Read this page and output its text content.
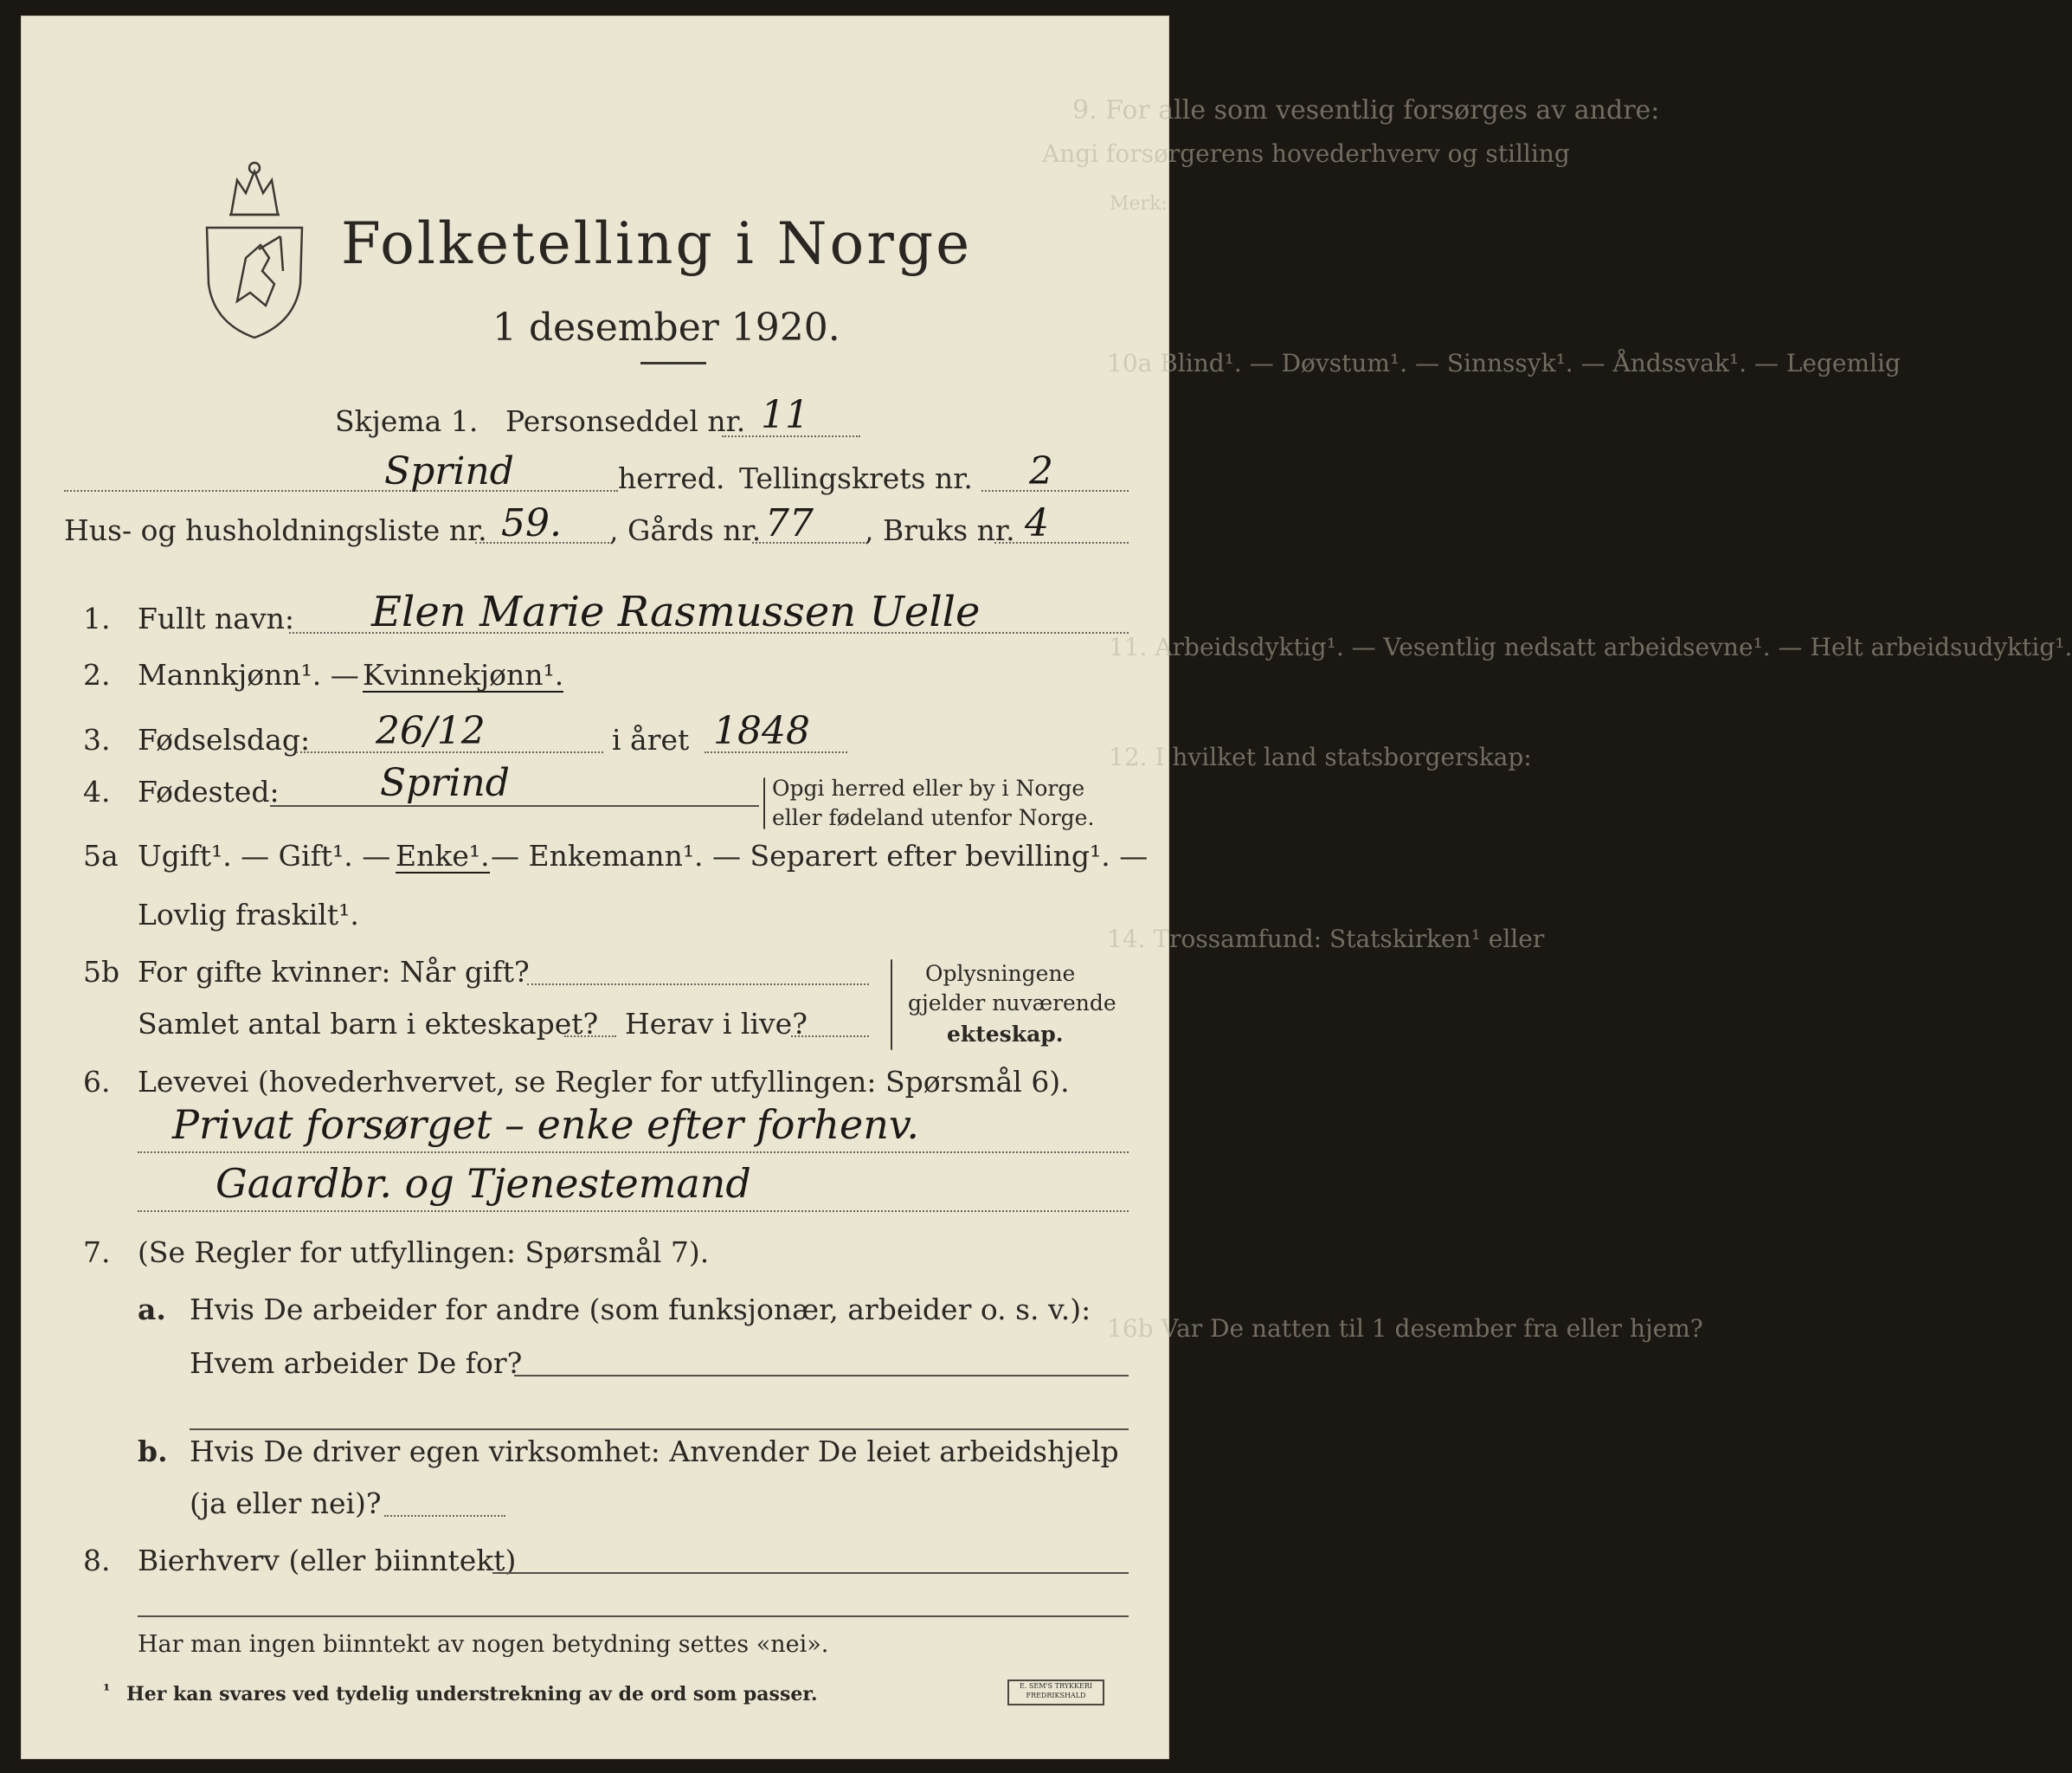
9. For alle som vesentlig forsørges av andre:
Angi forsørgerens hovederhverv og stilling
Merk:
10a Blind¹. — Døvstum¹. — Sinnssyk¹. — Åndssvak¹. — Legemlig
11. Arbeidsdyktig¹. — Vesentlig nedsatt arbeidsevne¹. — Helt arbeidsudyktig¹.
12. I hvilket land statsborgerskap:
14. Trossamfund: Statskirken¹ eller
16b Var De natten til 1 desember fra eller hjem?
Folketelling i Norge
1 desember 1920.
Skjema 1. Personseddel nr. 11
Sprind	herred. Tellingskrets nr. 2
Hus- og husholdningsliste nr. 59. , Gårds nr. 77 , Bruks nr. 4
1. Fullt navn: Elen Marie Rasmussen Uelle
2. Mannkjønn¹. — Kvinnekjønn¹.
3. Fødselsdag: 26/12	i året 1848
4. Fødested:	Sprind	Opgi herred eller by i Norge
eller fødeland utenfor Norge.
5a Ugift¹. — Gift¹. — Enke¹. — Enkemann¹. — Separert efter bevilling¹. —
Lovlig fraskilt¹.
5b For gifte kvinner: Når gift?
Samlet antal barn i ekteskapet? Herav i live?
Oplysningene
gjelder nuværende
ekteskap.
6. Levevei (hovederhvervet, se Regler for utfyllingen: Spørsmål 6).
Privat forsørget – enke efter forhenv.
Gaardbr. og Tjenestemand
7. (Se Regler for utfyllingen: Spørsmål 7).
a. Hvis De arbeider for andre (som funksjonær, arbeider o. s. v.):
Hvem arbeider De for?
b. Hvis De driver egen virksomhet: Anvender De leiet arbeidshjelp
(ja eller nei)?
8. Bierhverv (eller biinntekt)
Har man ingen biinntekt av nogen betydning settes «nei».
¹ Her kan svares ved tydelig understrekning av de ord som passer.	E. SEM'S TRYKKERI
FREDRIKSHALD
